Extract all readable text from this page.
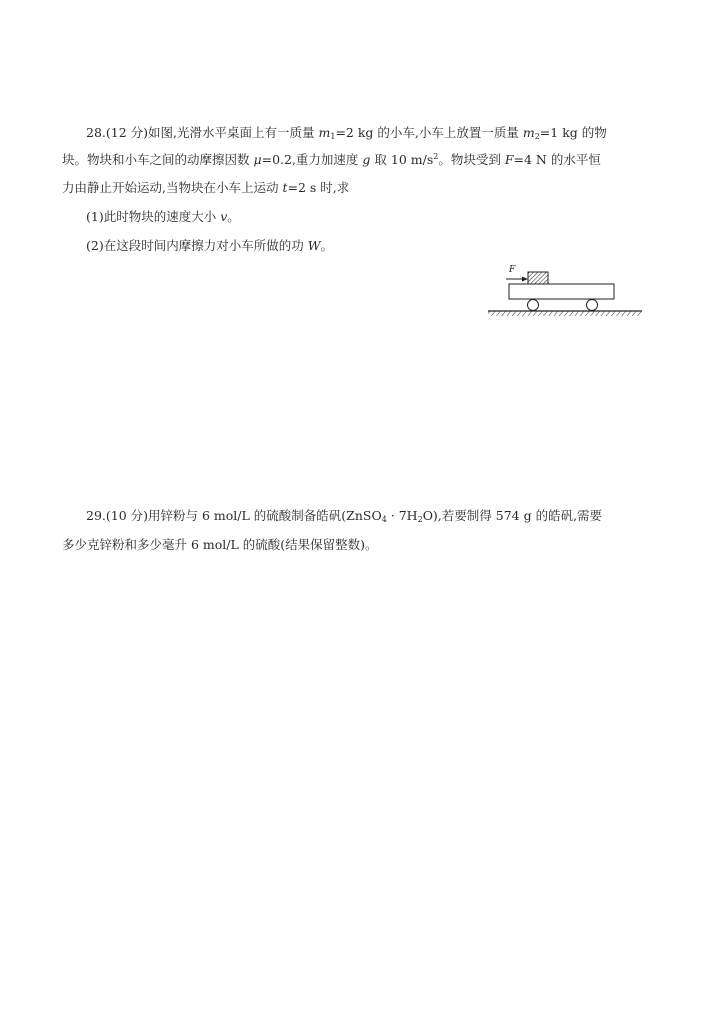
28.(12 分)如图,光滑水平桌面上有一质量 $m_1=2$ kg 的小车,小车上放置一质量 $m_2=1$ kg 的物
块。物块和小车之间的动摩擦因数 μ=0.2,重力加速度 g 取 10 $m/s^2$。物块受到 F=4 N 的水平恒
力由静止开始运动,当物块在小车上运动 t=2 s 时,求
(1)此时物块的速度大小 v。
(2)在这段时间内摩擦力对小车所做的功 W。
F
29.(10 分)用锌粉与 6 mol/L 的硫酸制备皓矾(ZnSO$_4$ · $7H_2O$),若要制得 574 g 的皓矾,需要
多少克锌粉和多少毫升 6 mol/L 的硫酸(结果保留整数)。
